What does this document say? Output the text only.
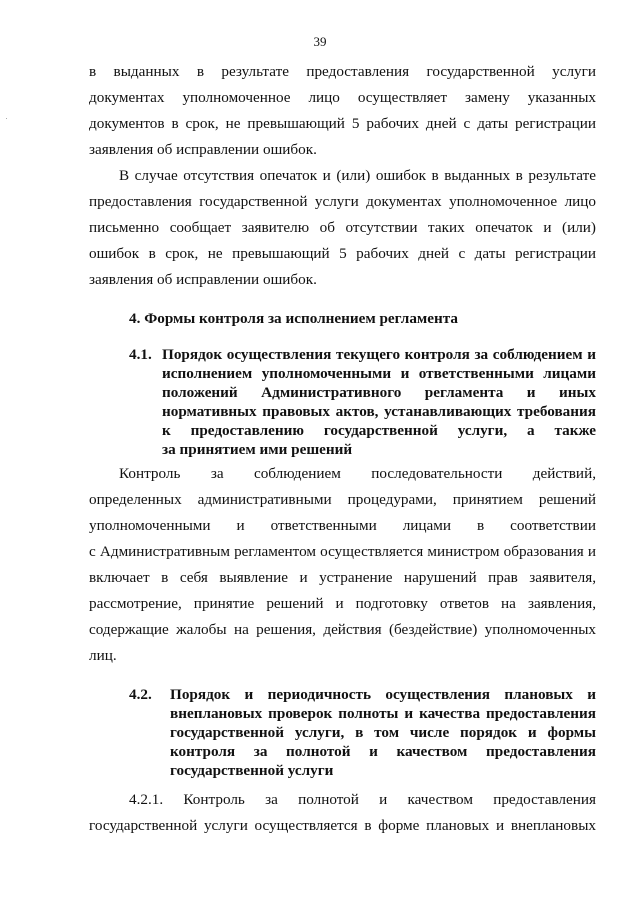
39
в выданных в результате предоставления государственной услуги
документах уполномоченное лицо осуществляет замену указанных
документов в срок, не превышающий 5 рабочих дней с даты регистрации
заявления об исправлении ошибок.
В случае отсутствия опечаток и (или) ошибок в выданных в результате
предоставления государственной услуги документах уполномоченное лицо
письменно сообщает заявителю об отсутствии таких опечаток и (или)
ошибок в срок, не превышающий 5 рабочих дней с даты регистрации
заявления об исправлении ошибок.
4. Формы контроля за исполнением регламента
4.1. Порядок осуществления текущего контроля за соблюдением и
исполнением уполномоченными и ответственными лицами
положений Административного регламента и иных
нормативных правовых актов, устанавливающих требования
к предоставлению государственной услуги, а также
за принятием ими решений
Контроль за соблюдением последовательности действий,
определенных административными процедурами, принятием решений
уполномоченными и ответственными лицами в соответствии
с Административным регламентом осуществляется министром образования и
включает в себя выявление и устранение нарушений прав заявителя,
рассмотрение, принятие решений и подготовку ответов на заявления,
содержащие жалобы на решения, действия (бездействие) уполномоченных
лиц.
4.2. Порядок и периодичность осуществления плановых и
внеплановых проверок полноты и качества предоставления
государственной услуги, в том числе порядок и формы
контроля за полнотой и качеством предоставления
государственной услуги
4.2.1. Контроль за полнотой и качеством предоставления
государственной услуги осуществляется в форме плановых и внеплановых
